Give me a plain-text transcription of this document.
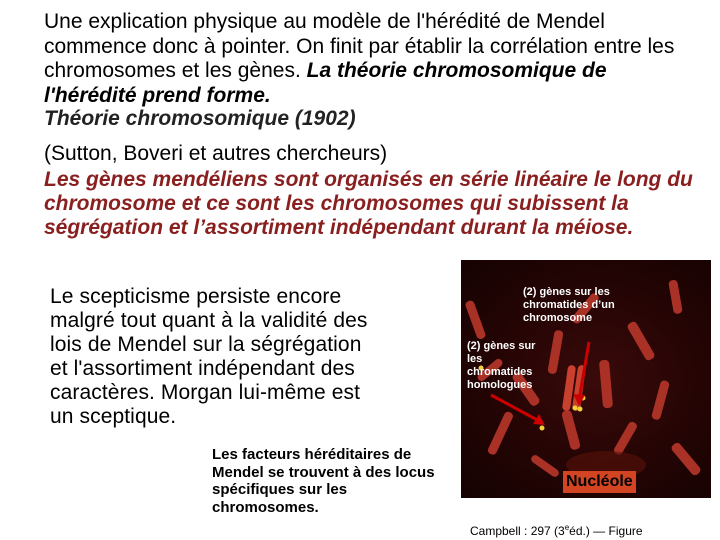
Une explication physique au modèle de l'hérédité de Mendel commence donc à pointer. On finit par établir la corrélation entre les chromosomes et les gènes. La théorie chromosomique de l'hérédité prend forme.

Théorie chromosomique (1902)
(Sutton, Boveri et autres chercheurs)

Les gènes mendéliens sont organisés en série linéaire le long du chromosome et ce sont les chromosomes qui subissent la ségrégation et l’assortiment indépendant durant la méiose.

Le scepticisme persiste encore malgré tout quant à la validité des lois de Mendel sur la ségrégation et l'assortiment indépendant des caractères. Morgan lui-même est un sceptique.

Les facteurs héréditaires de Mendel se trouvent à des locus spécifiques sur les chromosomes.

(2) gènes sur les chromatides d’un chromosome
(2) gènes sur les chromatides homologues
Nucléole
Campbell : 297 (3eéd.) — Figure
